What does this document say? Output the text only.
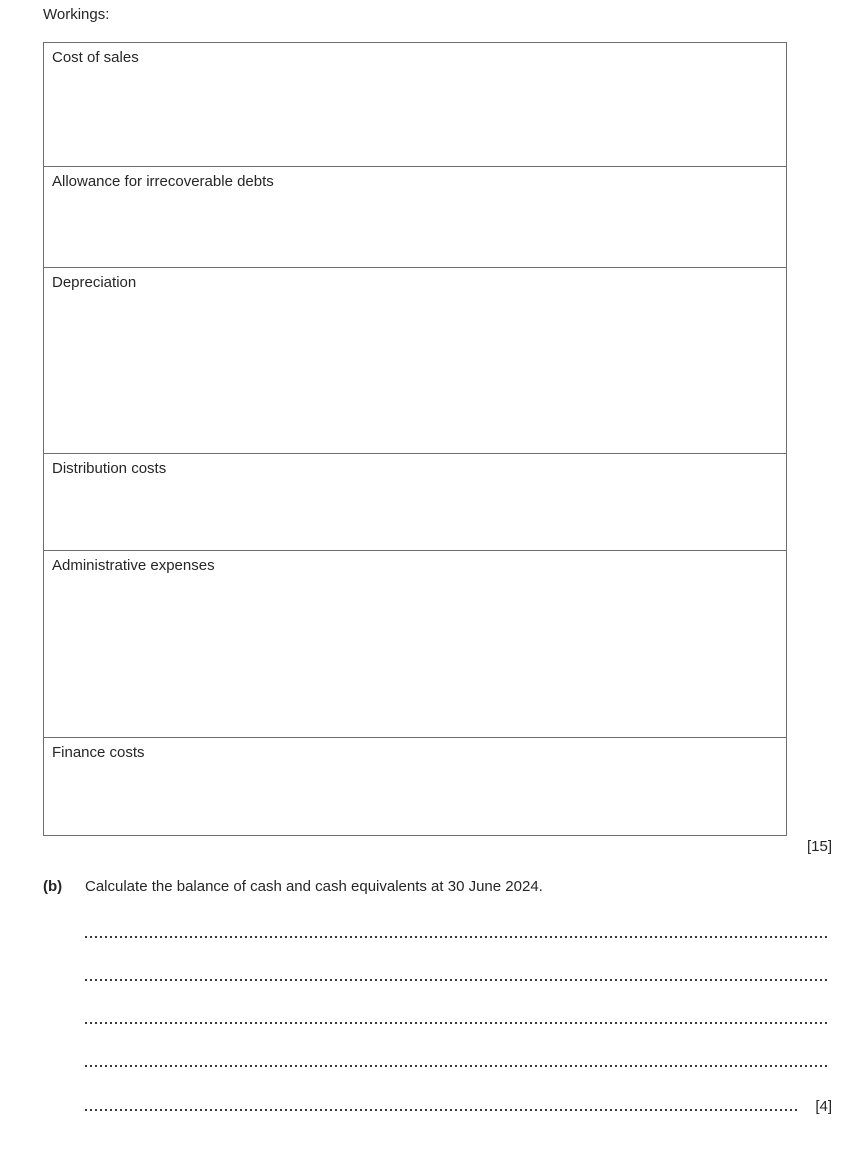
Workings:
Cost of sales
Allowance for irrecoverable debts
Depreciation
Distribution costs
Administrative expenses
Finance costs
[15]
(b)	Calculate the balance of cash and cash equivalents at 30 June 2024.
[4]
